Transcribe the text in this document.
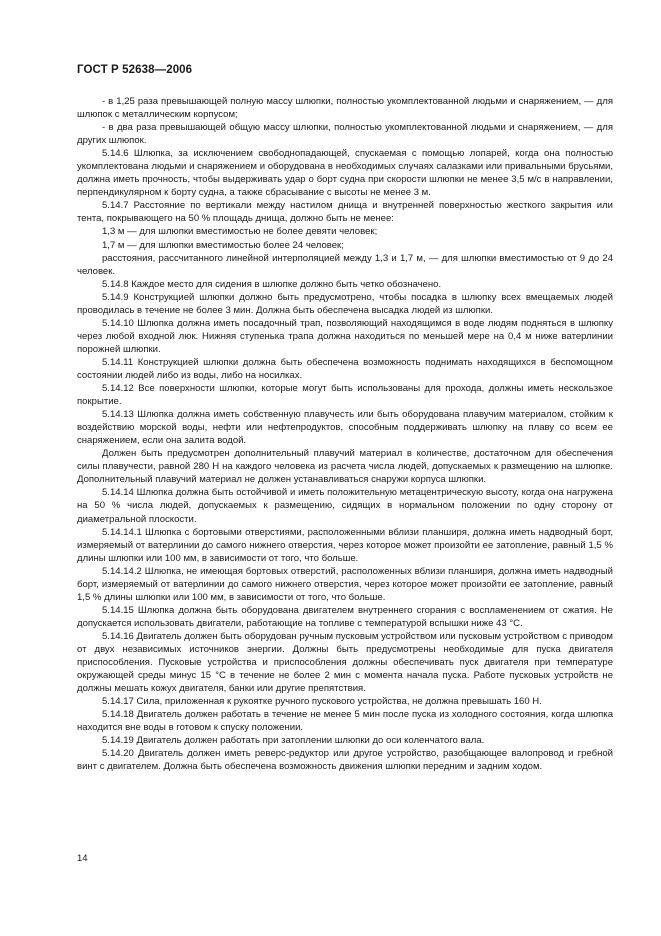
ГОСТ Р 52638—2006

- в 1,25 раза превышающей полную массу шлюпки, полностью укомплектованной людьми и снаряжением, — для шлюпок с металлическим корпусом;

- в два раза превышающей общую массу шлюпки, полностью укомплектованной людьми и снаряжением, — для других шлюпок.

5.14.6 Шлюпка, за исключением свободнопадающей, спускаемая с помощью лопарей, когда она полностью укомплектована людьми и снаряжением и оборудована в необходимых случаях салазками или привальными брусьями, должна иметь прочность, чтобы выдерживать удар о борт судна при скорости шлюпки не менее 3,5 м/с в направлении, перпендикулярном к борту судна, а также сбрасывание с высоты не менее 3 м.

5.14.7 Расстояние по вертикали между настилом днища и внутренней поверхностью жесткого закрытия или тента, покрывающего на 50 % площадь днища, должно быть не менее:

1,3 м — для шлюпки вместимостью не более девяти человек;

1,7 м — для шлюпки вместимостью более 24 человек;

расстояния, рассчитанного линейной интерполяцией между 1,3 и 1,7 м, — для шлюпки вместимостью от 9 до 24 человек.

5.14.8 Каждое место для сидения в шлюпке должно быть четко обозначено.

5.14.9 Конструкцией шлюпки должно быть предусмотрено, чтобы посадка в шлюпку всех вмещаемых людей проводилась в течение не более 3 мин. Должна быть обеспечена высадка людей из шлюпки.

5.14.10 Шлюпка должна иметь посадочный трап, позволяющий находящимся в воде людям подняться в шлюпку через любой входной люк. Нижняя ступенька трапа должна находиться по меньшей мере на 0,4 м ниже ватерлинии порожней шлюпки.

5.14.11 Конструкцией шлюпки должна быть обеспечена возможность поднимать находящихся в беспомощном состоянии людей либо из воды, либо на носилках.

5.14.12 Все поверхности шлюпки, которые могут быть использованы для прохода, должны иметь нескользкое покрытие.

5.14.13 Шлюпка должна иметь собственную плавучесть или быть оборудована плавучим материалом, стойким к воздействию морской воды, нефти или нефтепродуктов, способным поддерживать шлюпку на плаву со всем ее снаряжением, если она залита водой.

Должен быть предусмотрен дополнительный плавучий материал в количестве, достаточном для обеспечения силы плавучести, равной 280 Н на каждого человека из расчета числа людей, допускаемых к размещению на шлюпке. Дополнительный плавучий материал не должен устанавливаться снаружи корпуса шлюпки.

5.14.14 Шлюпка должна быть остойчивой и иметь положительную метацентрическую высоту, когда она нагружена на 50 % числа людей, допускаемых к размещению, сидящих в нормальном положении по одну сторону от диаметральной плоскости.

5.14.14.1 Шлюпка с бортовыми отверстиями, расположенными вблизи планширя, должна иметь надводный борт, измеряемый от ватерлинии до самого нижнего отверстия, через которое может произойти ее затопление, равный 1,5 % длины шлюпки или 100 мм, в зависимости от того, что больше.

5.14.14.2 Шлюпка, не имеющая бортовых отверстий, расположенных вблизи планширя, должна иметь надводный борт, измеряемый от ватерлинии до самого нижнего отверстия, через которое может произойти ее затопление, равный 1,5 % длины шлюпки или 100 мм, в зависимости от того, что больше.

5.14.15 Шлюпка должна быть оборудована двигателем внутреннего сгорания с воспламенением от сжатия. Не допускается использовать двигатели, работающие на топливе с температурой вспышки ниже 43 °С.

5.14.16 Двигатель должен быть оборудован ручным пусковым устройством или пусковым устройством с приводом от двух независимых источников энергии. Должны быть предусмотрены необходимые для пуска двигателя приспособления. Пусковые устройства и приспособления должны обеспечивать пуск двигателя при температуре окружающей среды минус 15 °С в течение не более 2 мин с момента начала пуска. Работе пусковых устройств не должны мешать кожух двигателя, банки или другие препятствия.

5.14.17 Сила, приложенная к рукоятке ручного пускового устройства, не должна превышать 160 Н.

5.14.18 Двигатель должен работать в течение не менее 5 мин после пуска из холодного состояния, когда шлюпка находится вне воды в готовом к спуску положении.

5.14.19 Двигатель должен работать при затоплении шлюпки до оси коленчатого вала.

5.14.20 Двигатель должен иметь реверс-редуктор или другое устройство, разобщающее валопровод и гребной винт с двигателем. Должна быть обеспечена возможность движения шлюпки передним и задним ходом.

14
